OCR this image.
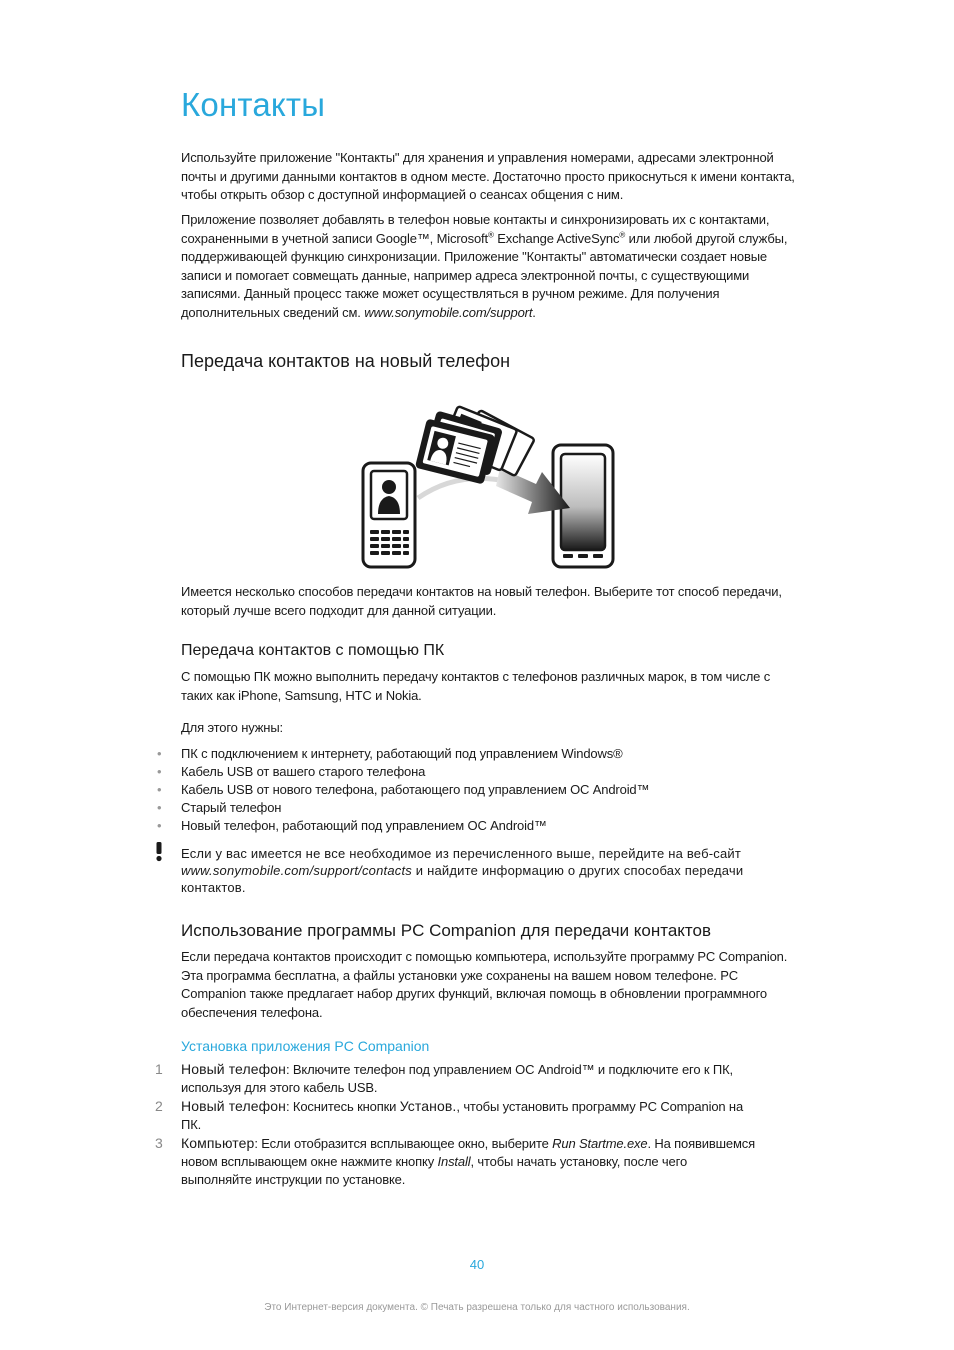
Контакты

Используйте приложение "Контакты" для хранения и управления номерами, адресами электронной почты и другими данными контактов в одном месте. Достаточно просто прикоснуться к имени контакта, чтобы открыть обзор с доступной информацией о сеансах общения с ним.

Приложение позволяет добавлять в телефон новые контакты и синхронизировать их с контактами, сохраненными в учетной записи Google™, Microsoft® Exchange ActiveSync® или любой другой службы, поддерживающей функцию синхронизации. Приложение "Контакты" автоматически создает новые записи и помогает совмещать данные, например адреса электронной почты, с существующими записями. Данный процесс также может осуществляться в ручном режиме. Для получения дополнительных сведений см. www.sonymobile.com/support.

Передача контактов на новый телефон

Имеется несколько способов передачи контактов на новый телефон. Выберите тот способ передачи, который лучше всего подходит для данной ситуации.

Передача контактов с помощью ПК

С помощью ПК можно выполнить передачу контактов с телефонов различных марок, в том числе с таких как iPhone, Samsung, HTC и Nokia.

Для этого нужны:

• ПК с подключением к интернету, работающий под управлением Windows®
• Кабель USB от вашего старого телефона
• Кабель USB от нового телефона, работающего под управлением ОС Android™
• Старый телефон
• Новый телефон, работающий под управлением ОС Android™
Если у вас имеется не все необходимое из перечисленного выше, перейдите на веб-сайт www.sonymobile.com/support/contacts и найдите информацию о других способах передачи контактов.
Использование программы PC Companion для передачи контактов

Если передача контактов происходит с помощью компьютера, используйте программу PC Companion. Эта программа бесплатна, а файлы установки уже сохранены на вашем новом телефоне. PC Companion также предлагает набор других функций, включая помощь в обновлении программного обеспечения телефона.

Установка приложения PC Companion
1 Новый телефон: Включите телефон под управлением ОС Android™ и подключите его к ПК, используя для этого кабель USB.
2 Новый телефон: Коснитесь кнопки Установ., чтобы установить программу PC Companion на ПК.
3 Компьютер: Если отобразится всплывающее окно, выберите Run Startme.exe. На появившемся новом всплывающем окне нажмите кнопку Install, чтобы начать установку, после чего выполняйте инструкции по установке.
40
Это Интернет-версия документа. © Печать разрешена только для частного использования.
